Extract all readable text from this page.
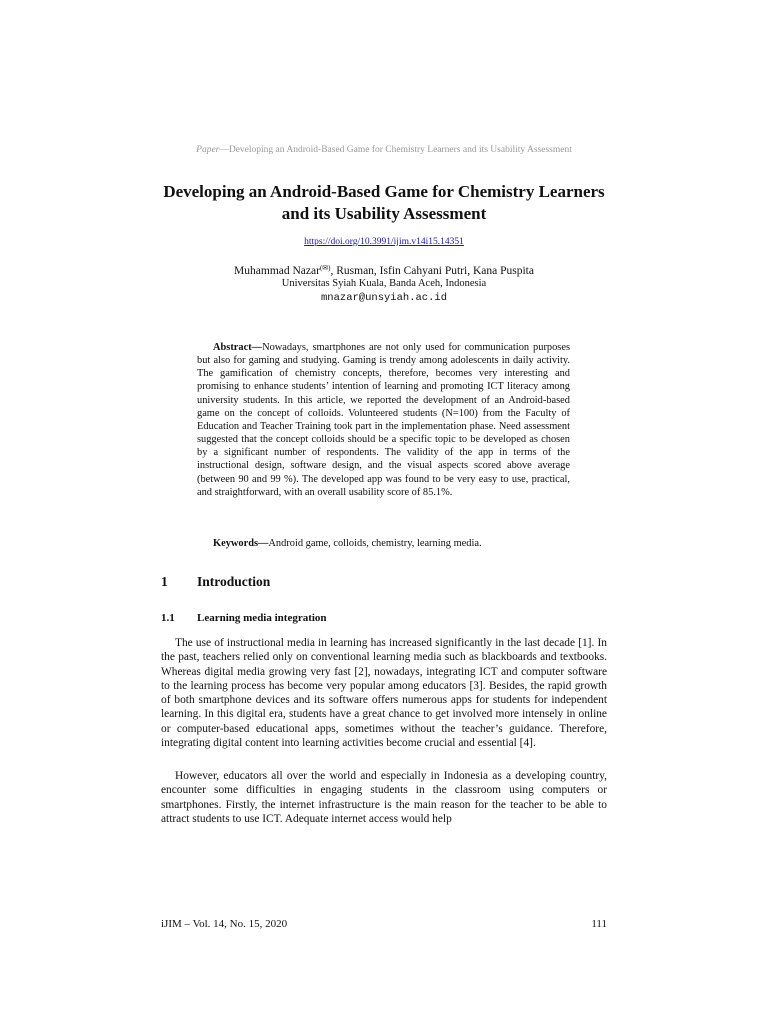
Paper—Developing an Android-Based Game for Chemistry Learners and its Usability Assessment
Developing an Android-Based Game for Chemistry Learners and its Usability Assessment
https://doi.org/10.3991/ijim.v14i15.14351
Muhammad Nazar(✉), Rusman, Isfin Cahyani Putri, Kana Puspita
Universitas Syiah Kuala, Banda Aceh, Indonesia
mnazar@unsyiah.ac.id

Abstract—Nowadays, smartphones are not only used for communication purposes but also for gaming and studying. Gaming is trendy among adolescents in daily activity. The gamification of chemistry concepts, therefore, becomes very interesting and promising to enhance students’ intention of learning and promoting ICT literacy among university students. In this article, we reported the development of an Android-based game on the concept of colloids. Volunteered students (N=100) from the Faculty of Education and Teacher Training took part in the implementation phase. Need assessment suggested that the concept colloids should be a specific topic to be developed as chosen by a significant number of respondents. The validity of the app in terms of the instructional design, software design, and the visual aspects scored above average (between 90 and 99 %). The developed app was found to be very easy to use, practical, and straightforward, with an overall usability score of 85.1%.

Keywords—Android game, colloids, chemistry, learning media.

1 Introduction
1.1 Learning media integration

The use of instructional media in learning has increased significantly in the last decade [1]. In the past, teachers relied only on conventional learning media such as blackboards and textbooks. Whereas digital media growing very fast [2], nowadays, integrating ICT and computer software to the learning process has become very popular among educators [3]. Besides, the rapid growth of both smartphone devices and its software offers numerous apps for students for independent learning. In this digital era, students have a great chance to get involved more intensely in online or computer-based educational apps, sometimes without the teacher’s guidance. Therefore, integrating digital content into learning activities become crucial and essential [4].

However, educators all over the world and especially in Indonesia as a developing country, encounter some difficulties in engaging students in the classroom using computers or smartphones. Firstly, the internet infrastructure is the main reason for the teacher to be able to attract students to use ICT. Adequate internet access would help

iJIM – Vol. 14, No. 15, 2020	111
